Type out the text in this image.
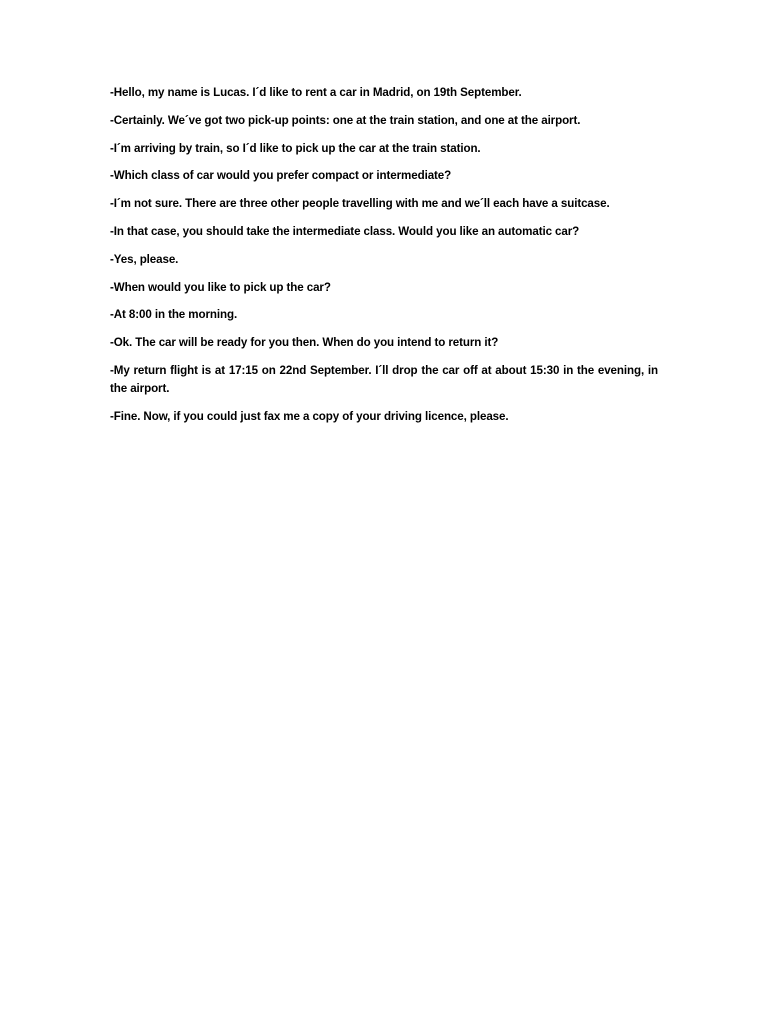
-Hello, my name is Lucas. I´d like to rent a car in Madrid, on 19th September.

-Certainly. We´ve got two pick-up points: one at the train station, and one at the airport.

-I´m arriving by train, so I´d like to pick up the car at the train station.

-Which class of car would you prefer compact or intermediate?

-I´m not sure. There are three other people travelling with me and we´ll each have a suitcase.

-In that case, you should take the intermediate class. Would you like an automatic car?

-Yes, please.

-When would you like to pick up the car?

-At 8:00 in the morning.

-Ok. The car will be ready for you then. When do you intend to return it?

-My return flight is at 17:15 on 22nd September. I´ll drop the car off at about 15:30 in the evening, in the airport.

-Fine. Now, if you could just fax me a copy of your driving licence, please.
